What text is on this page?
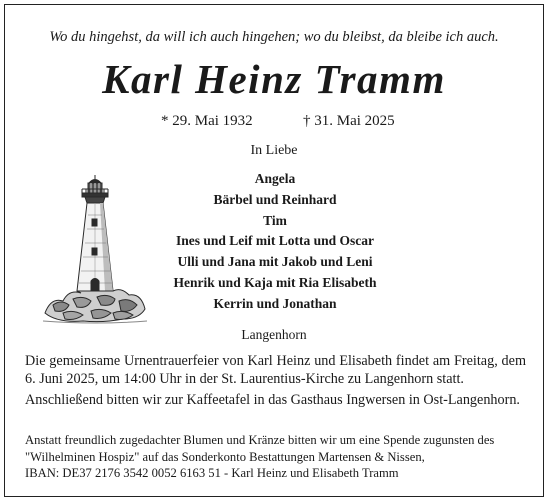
Wo du hingehst, da will ich auch hingehen; wo du bleibst, da bleibe ich auch.
Karl Heinz Tramm
* 29. Mai 1932	† 31. Mai 2025
In Liebe
Angela
Bärbel und Reinhard
Tim
Ines und Leif mit Lotta und Oscar
Ulli und Jana mit Jakob und Leni
Henrik und Kaja mit Ria Elisabeth
Kerrin und Jonathan
Langenhorn
Die gemeinsame Urnentrauerfeier von Karl Heinz und Elisabeth findet am Freitag, dem 6. Juni 2025, um 14:00 Uhr in der St. Laurentius-Kirche zu Langenhorn statt.
Anschließend bitten wir zur Kaffeetafel in das Gasthaus Ingwersen in Ost-Langenhorn.
Anstatt freundlich zugedachter Blumen und Kränze bitten wir um eine Spende zugunsten des
"Wilhelminen Hospiz" auf das Sonderkonto Bestattungen Martensen & Nissen,
IBAN: DE37 2176 3542 0052 6163 51 - Karl Heinz und Elisabeth Tramm
